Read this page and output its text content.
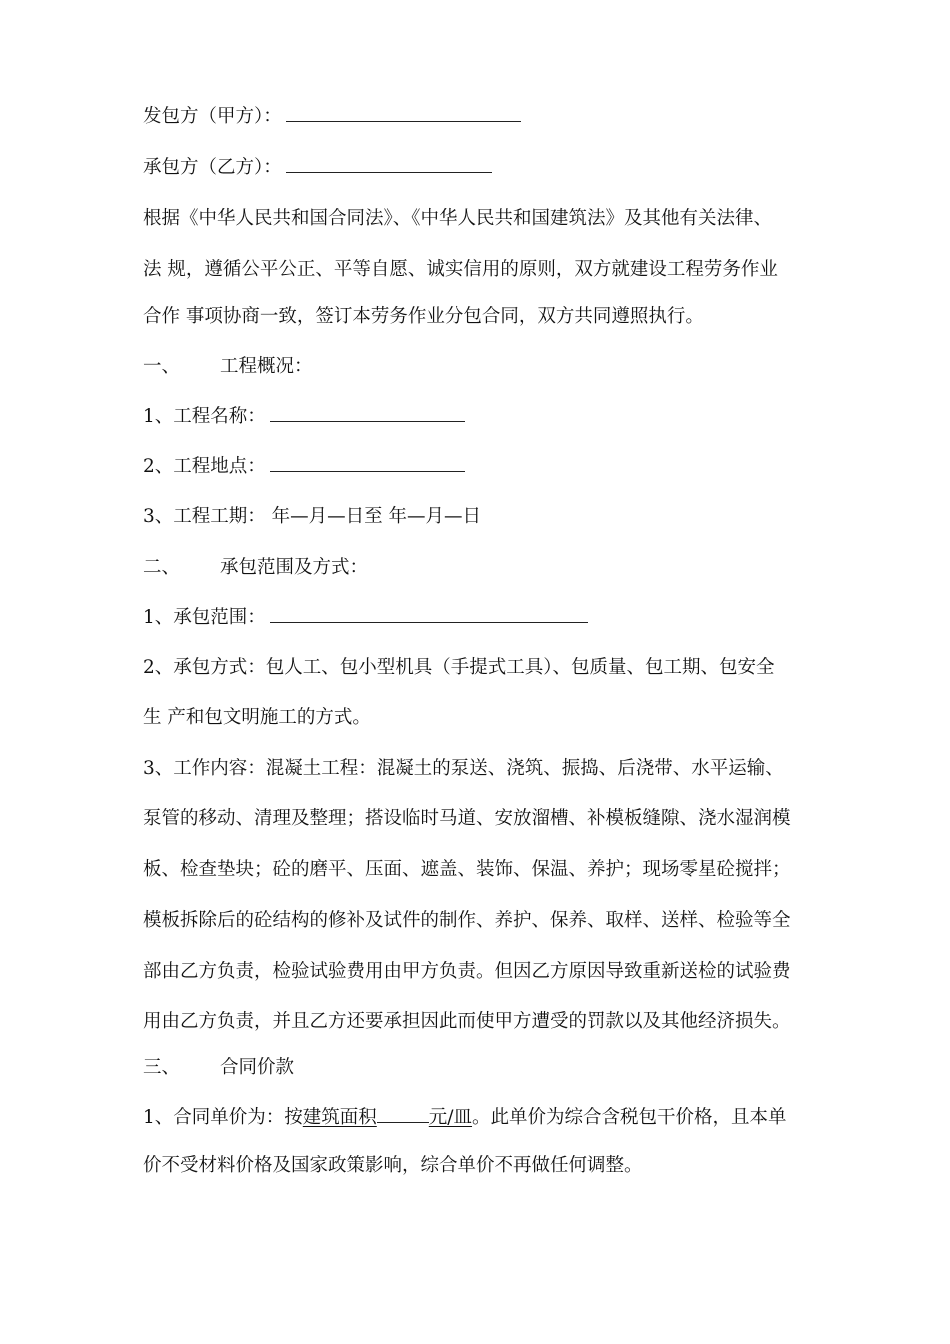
发包方（甲方）：
承包方（乙方）：
根据《中华人民共和国合同法》、《中华人民共和国建筑法》及其他有关法律、
法 规，遵循公平公正、平等自愿、诚实信用的原则，双方就建设工程劳务作业
合作 事项协商一致，签订本劳务作业分包合同，双方共同遵照执行。
一、 工程概况：
1、工程名称：
2、工程地点：
3、工程工期： 年—月—日至 年—月—日
二、 承包范围及方式：
1、承包范围：
2、承包方式：包人工、包小型机具（手提式工具）、包质量、包工期、包安全
生 产和包文明施工的方式。
3、工作内容：混凝土工程：混凝土的泵送、浇筑、振捣、后浇带、水平运输、
泵管的移动、清理及整理；搭设临时马道、安放溜槽、补模板缝隙、浇水湿润模
板、检查垫块；砼的磨平、压面、遮盖、装饰、保温、养护；现场零星砼搅拌；
模板拆除后的砼结构的修补及试件的制作、养护、保养、取样、送样、检验等全
部由乙方负责，检验试验费用由甲方负责。但因乙方原因导致重新送检的试验费
用由乙方负责，并且乙方还要承担因此而使甲方遭受的罚款以及其他经济损失。
三、 合同价款
1、合同单价为：按建筑面积	元/皿。此单价为综合含税包干价格，且本单
价不受材料价格及国家政策影响，综合单价不再做任何调整。
